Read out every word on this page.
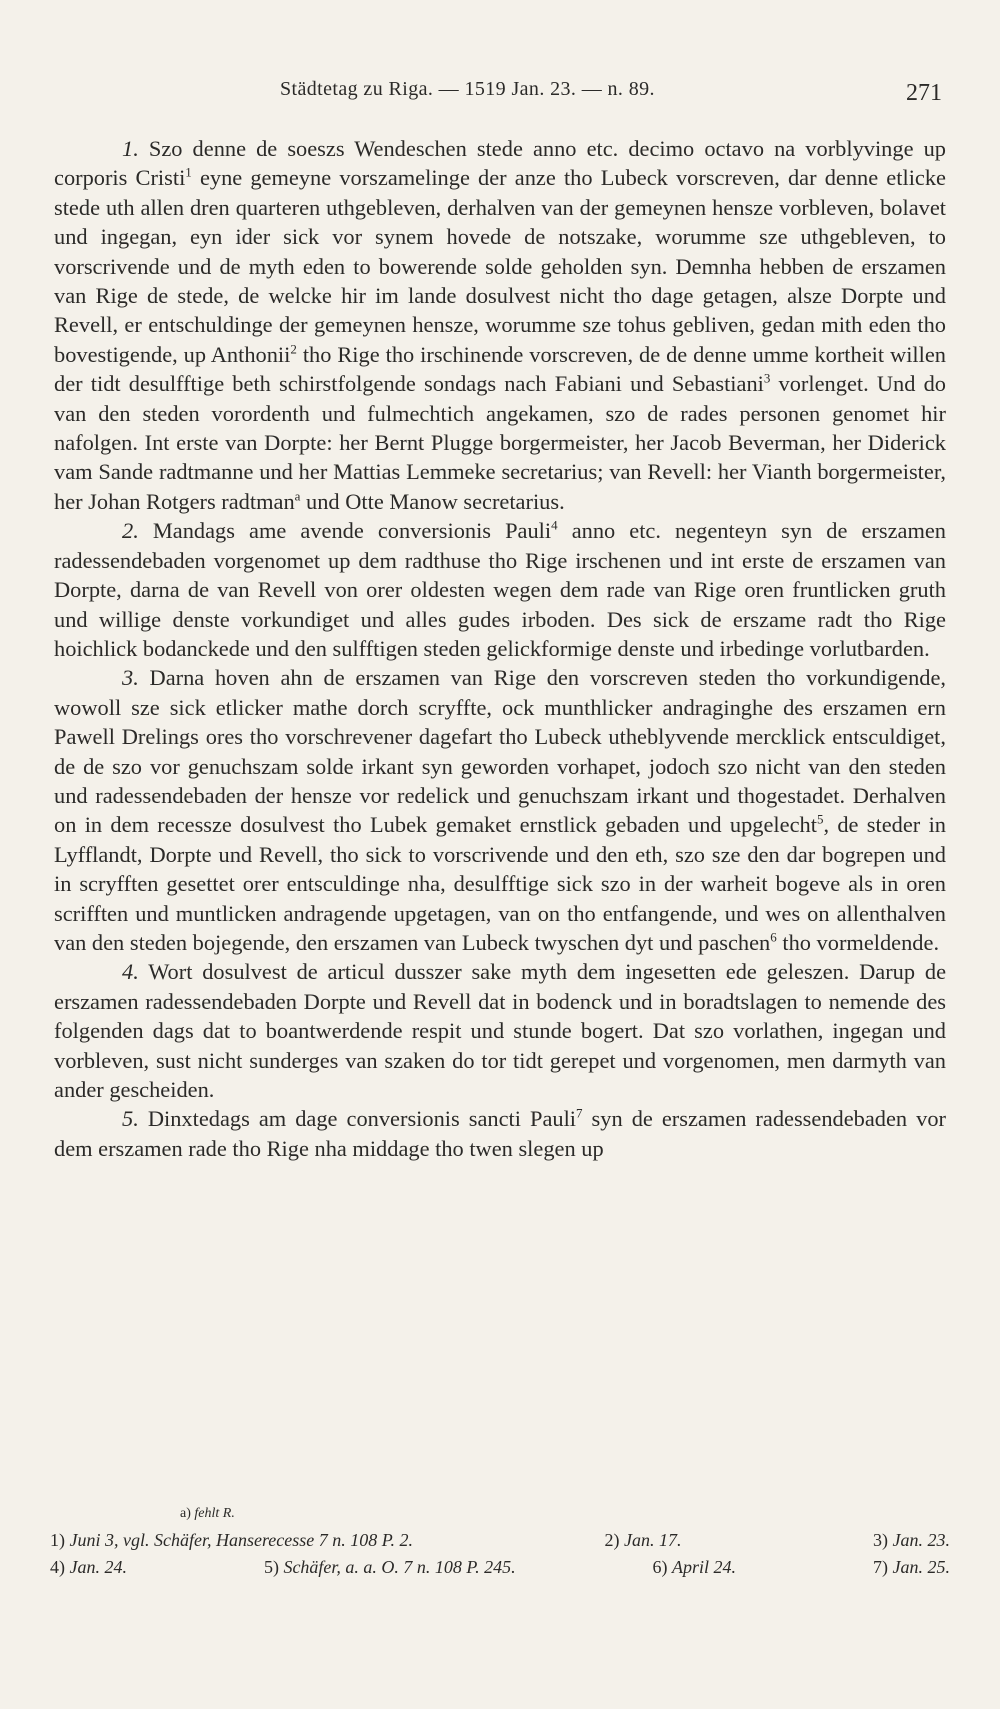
Städtetag zu Riga. — 1519 Jan. 23. — n. 89.	271

1. Szo denne de soeszs Wendeschen stede anno etc. decimo octavo na vorblyvinge up corporis Cristi$^1$ eyne gemeyne vorszamelinge der anze tho Lubeck vorscreven, dar denne etlicke stede uth allen dren quarteren uthgebleven, derhalven van der gemeynen hensze vorbleven, bolavet und ingegan, eyn ider sick vor synem hovede de notszake, worumme sze uthgebleven, to vorscrivende und de myth eden to bowerende solde geholden syn. Demnha hebben de erszamen van Rige de stede, de welcke hir im lande dosulvest nicht tho dage getagen, alsze Dorpte und Revell, er entschuldinge der gemeynen hensze, worumme sze tohus gebliven, gedan mith eden tho bovestigende, up Anthonii$^2$ tho Rige tho irschinende vorscreven, de de denne umme kortheit willen der tidt desulfftige beth schirstfolgende sondags nach Fabiani und Sebastiani$^3$ vorlenget. Und do van den steden vorordenth und fulmechtich angekamen, szo de rades personen genomet hir nafolgen. Int erste van Dorpte: her Bernt Plugge borgermeister, her Jacob Beverman, her Diderick vam Sande radtmanne und her Mattias Lemmeke secretarius; van Revell: her Vianth borgermeister, her Johan Rotgers radtman$^a$ und Otte Manow secretarius.

2. Mandags ame avende conversionis Pauli$^4$ anno etc. negenteyn syn de erszamen radessendebaden vorgenomet up dem radthuse tho Rige irschenen und int erste de erszamen van Dorpte, darna de van Revell von orer oldesten wegen dem rade van Rige oren fruntlicken gruth und willige denste vorkundiget und alles gudes irboden. Des sick de erszame radt tho Rige hoichlick bodanckede und den sulfftigen steden gelickformige denste und irbedinge vorlutbarden.

3. Darna hoven ahn de erszamen van Rige den vorscreven steden tho vorkundigende, wowoll sze sick etlicker mathe dorch scryffte, ock munthlicker andraginghe des erszamen ern Pawell Drelings ores tho vorschrevener dagefart tho Lubeck utheblyvende mercklick entsculdiget, de de szo vor genuchszam solde irkant syn geworden vorhapet, jodoch szo nicht van den steden und radessendebaden der hensze vor redelick und genuchszam irkant und thogestadet. Derhalven on in dem recessze dosulvest tho Lubek gemaket ernstlick gebaden und upgelecht$^5$, de steder in Lyfflandt, Dorpte und Revell, tho sick to vorscrivende und den eth, szo sze den dar bogrepen und in scryfften gesettet orer entsculdinge nha, desulfftige sick szo in der warheit bogeve als in oren scrifften und muntlicken andragende upgetagen, van on tho entfangende, und wes on allenthalven van den steden bojegende, den erszamen van Lubeck twyschen dyt und paschen$^6$ tho vormeldende.

4. Wort dosulvest de articul dusszer sake myth dem ingesetten ede geleszen. Darup de erszamen radessendebaden Dorpte und Revell dat in bodenck und in boradtslagen to nemende des folgenden dags dat to boantwerdende respit und stunde bogert. Dat szo vorlathen, ingegan und vorbleven, sust nicht sunderges van szaken do tor tidt gerepet und vorgenomen, men darmyth van ander gescheiden.

5. Dinxtedags am dage conversionis sancti Pauli$^7$ syn de erszamen radessendebaden vor dem erszamen rade tho Rige nha middage tho twen slegen up

a) fehlt R.
1) Juni 3, vgl. Schäfer, Hanserecesse 7 n. 108 P. 2.	2) Jan. 17.	3) Jan. 23.
4) Jan. 24.	5) Schäfer, a. a. O. 7 n. 108 P. 245.	6) April 24.	7) Jan. 25.
